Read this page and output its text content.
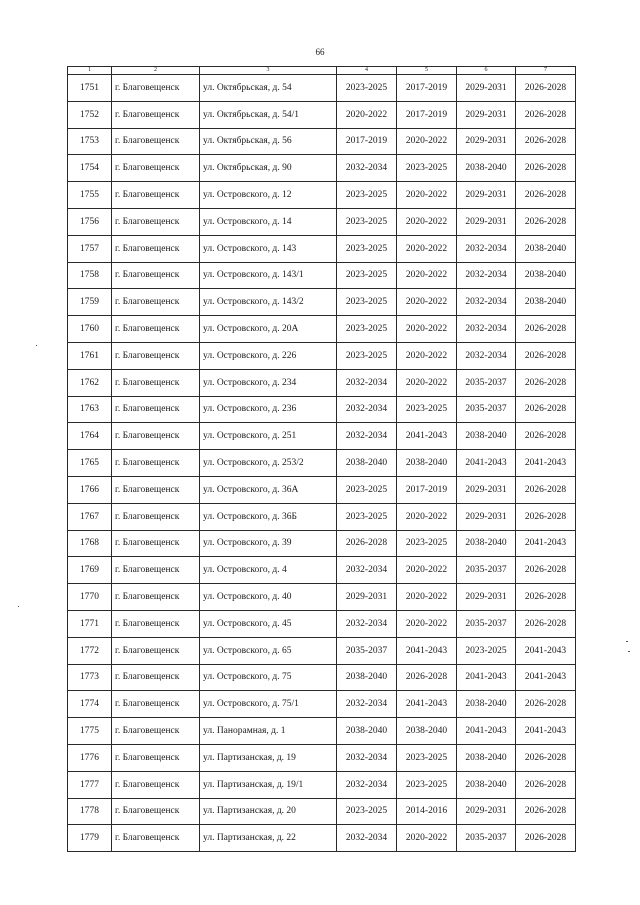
66
1	2	3	4	5	6	7
1751	г. Благовещенск	ул. Октябрьская, д. 54	2023-2025	2017-2019	2029-2031	2026-2028
1752	г. Благовещенск	ул. Октябрьская, д. 54/1	2020-2022	2017-2019	2029-2031	2026-2028
1753	г. Благовещенск	ул. Октябрьская, д. 56	2017-2019	2020-2022	2029-2031	2026-2028
1754	г. Благовещенск	ул. Октябрьская, д. 90	2032-2034	2023-2025	2038-2040	2026-2028
1755	г. Благовещенск	ул. Островского, д. 12	2023-2025	2020-2022	2029-2031	2026-2028
1756	г. Благовещенск	ул. Островского, д. 14	2023-2025	2020-2022	2029-2031	2026-2028
1757	г. Благовещенск	ул. Островского, д. 143	2023-2025	2020-2022	2032-2034	2038-2040
1758	г. Благовещенск	ул. Островского, д. 143/1	2023-2025	2020-2022	2032-2034	2038-2040
1759	г. Благовещенск	ул. Островского, д. 143/2	2023-2025	2020-2022	2032-2034	2038-2040
1760	г. Благовещенск	ул. Островского, д. 20А	2023-2025	2020-2022	2032-2034	2026-2028
1761	г. Благовещенск	ул. Островского, д. 226	2023-2025	2020-2022	2032-2034	2026-2028
1762	г. Благовещенск	ул. Островского, д. 234	2032-2034	2020-2022	2035-2037	2026-2028
1763	г. Благовещенск	ул. Островского, д. 236	2032-2034	2023-2025	2035-2037	2026-2028
1764	г. Благовещенск	ул. Островского, д. 251	2032-2034	2041-2043	2038-2040	2026-2028
1765	г. Благовещенск	ул. Островского, д. 253/2	2038-2040	2038-2040	2041-2043	2041-2043
1766	г. Благовещенск	ул. Островского, д. 36А	2023-2025	2017-2019	2029-2031	2026-2028
1767	г. Благовещенск	ул. Островского, д. 36Б	2023-2025	2020-2022	2029-2031	2026-2028
1768	г. Благовещенск	ул. Островского, д. 39	2026-2028	2023-2025	2038-2040	2041-2043
1769	г. Благовещенск	ул. Островского, д. 4	2032-2034	2020-2022	2035-2037	2026-2028
1770	г. Благовещенск	ул. Островского, д. 40	2029-2031	2020-2022	2029-2031	2026-2028
1771	г. Благовещенск	ул. Островского, д. 45	2032-2034	2020-2022	2035-2037	2026-2028
1772	г. Благовещенск	ул. Островского, д. 65	2035-2037	2041-2043	2023-2025	2041-2043
1773	г. Благовещенск	ул. Островского, д. 75	2038-2040	2026-2028	2041-2043	2041-2043
1774	г. Благовещенск	ул. Островского, д. 75/1	2032-2034	2041-2043	2038-2040	2026-2028
1775	г. Благовещенск	ул. Панорамная, д. 1	2038-2040	2038-2040	2041-2043	2041-2043
1776	г. Благовещенск	ул. Партизанская, д. 19	2032-2034	2023-2025	2038-2040	2026-2028
1777	г. Благовещенск	ул. Партизанская, д. 19/1	2032-2034	2023-2025	2038-2040	2026-2028
1778	г. Благовещенск	ул. Партизанская, д. 20	2023-2025	2014-2016	2029-2031	2026-2028
1779	г. Благовещенск	ул. Партизанская, д. 22	2032-2034	2020-2022	2035-2037	2026-2028
